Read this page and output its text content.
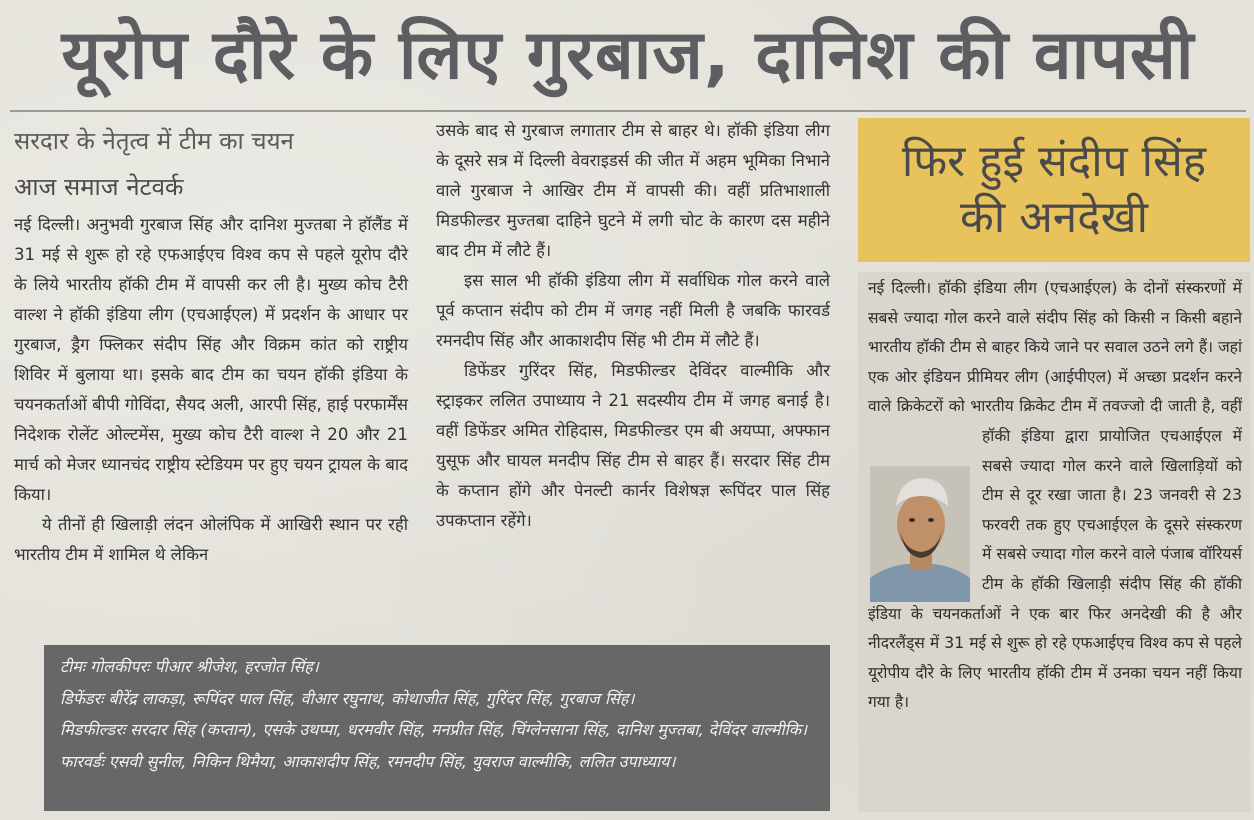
यूरोप दौरे के लिए गुरबाज, दानिश की वापसी

सरदार के नेतृत्व में टीम का चयन

आज समाज नेटवर्क

नई दिल्ली। अनुभवी गुरबाज सिंह और दानिश मुज्तबा ने हॉलैंड में 31 मई से शुरू हो रहे एफआईएच विश्व कप से पहले यूरोप दौरे के लिये भारतीय हॉकी टीम में वापसी कर ली है। मुख्य कोच टैरी वाल्श ने हॉकी इंडिया लीग (एचआईएल) में प्रदर्शन के आधार पर गुरबाज, ड्रैग फ्लिकर संदीप सिंह और विक्रम कांत को राष्ट्रीय शिविर में बुलाया था। इसके बाद टीम का चयन हॉकी इंडिया के चयनकर्ताओं बीपी गोविंदा, सैयद अली, आरपी सिंह, हाई परफार्मेंस निदेशक रोलेंट ओल्टमेंस, मुख्य कोच टैरी वाल्श ने 20 और 21 मार्च को मेजर ध्यानचंद राष्ट्रीय स्टेडियम पर हुए चयन ट्रायल के बाद किया।

ये तीनों ही खिलाड़ी लंदन ओलंपिक में आखिरी स्थान पर रही भारतीय टीम में शामिल थे लेकिन

उसके बाद से गुरबाज लगातार टीम से बाहर थे। हॉकी इंडिया लीग के दूसरे सत्र में दिल्ली वेवराइडर्स की जीत में अहम भूमिका निभाने वाले गुरबाज ने आखिर टीम में वापसी की। वहीं प्रतिभाशाली मिडफील्डर मुज्तबा दाहिने घुटने में लगी चोट के कारण दस महीने बाद टीम में लौटे हैं।

इस साल भी हॉकी इंडिया लीग में सर्वाधिक गोल करने वाले पूर्व कप्तान संदीप को टीम में जगह नहीं मिली है जबकि फारवर्ड रमनदीप सिंह और आकाशदीप सिंह भी टीम में लौटे हैं।

डिफेंडर गुरिंदर सिंह, मिडफील्डर देविंदर वाल्मीकि और स्ट्राइकर ललित उपाध्याय ने 21 सदस्यीय टीम में जगह बनाई है। वहीं डिफेंडर अमित रोहिदास, मिडफील्डर एम बी अयप्पा, अफ्फान युसूफ और घायल मनदीप सिंह टीम से बाहर हैं। सरदार सिंह टीम के कप्तान होंगे और पेनल्टी कार्नर विशेषज्ञ रूपिंदर पाल सिंह उपकप्तान रहेंगे।

टीमः गोलकीपरः पीआर श्रीजेश, हरजोत सिंह।

डिफेंडरः बीरेंद्र लाकड़ा, रूपिंदर पाल सिंह, वीआर रघुनाथ, कोथाजीत सिंह, गुरिंदर सिंह, गुरबाज सिंह।

मिडफील्डरः सरदार सिंह (कप्तान), एसके उथप्पा, धरमवीर सिंह, मनप्रीत सिंह, चिंग्लेनसाना सिंह, दानिश मुज्तबा, देविंदर वाल्मीकि। फारवर्डः एसवी सुनील, निकिन थिमैया, आकाशदीप सिंह, रमनदीप सिंह, युवराज वाल्मीकि, ललित उपाध्याय।

फिर हुई संदीप सिंह
की अनदेखी

नई दिल्ली। हॉकी इंडिया लीग (एचआईएल) के दोनों संस्करणों में सबसे ज्यादा गोल करने वाले संदीप सिंह को किसी न किसी बहाने भारतीय हॉकी टीम से बाहर किये जाने पर सवाल उठने लगे हैं। जहां एक ओर इंडियन प्रीमियर लीग (आईपीएल) में अच्छा प्रदर्शन करने वाले क्रिकेटरों को भारतीय क्रिकेट टीम में तवज्जो
दी जाती है, वहीं हॉकी इंडिया द्वारा प्रायोजित एचआईएल में सबसे ज्यादा गोल करने वाले खिलाड़ियों को टीम से दूर रखा जाता है। 23 जनवरी से 23 फरवरी तक हुए एचआईएल के दूसरे संस्करण में सबसे ज्यादा गोल करने वाले पंजाब वॉरियर्स टीम के हॉकी खिलाड़ी संदीप सिंह की हॉकी इंडिया के चयनकर्ताओं ने एक बार फिर अनदेखी की है और नीदरलैंड्स में 31 मई से शुरू हो रहे एफआईएच विश्व कप से पहले यूरोपीय दौरे के लिए भारतीय हॉकी टीम में उनका चयन नहीं किया गया है।
